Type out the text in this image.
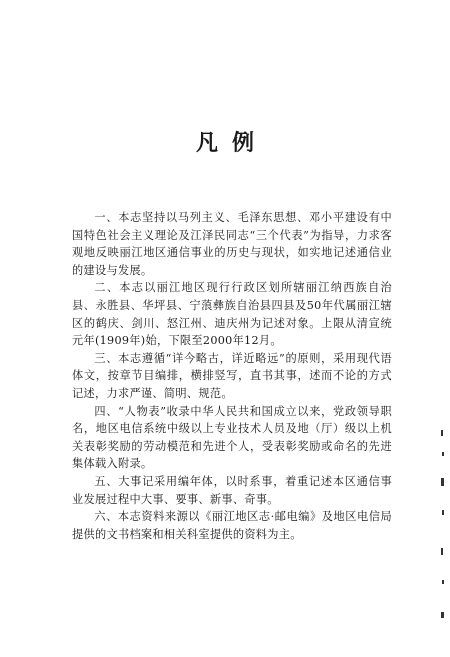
凡例

一、本志坚持以马列主义、毛泽东思想、邓小平建设有中国特色社会主义理论及江泽民同志“三个代表”为指导，力求客观地反映丽江地区通信事业的历史与现状，如实地记述通信业的建设与发展。

二、本志以丽江地区现行行政区划所辖丽江纳西族自治县、永胜县、华坪县、宁蒗彝族自治县四县及50年代属丽江辖区的鹤庆、剑川、怒江州、迪庆州为记述对象。上限从清宣统元年(1909年)始，下限至2000年12月。

三、本志遵循“详今略古，详近略远”的原则，采用现代语体文，按章节目编排，横排竖写，直书其事，述而不论的方式记述，力求严谨、简明、规范。

四、“人物表”收录中华人民共和国成立以来，党政领导职名，地区电信系统中级以上专业技术人员及地（厅）级以上机关表彰奖励的劳动模范和先进个人，受表彰奖励或命名的先进集体载入附录。

五、大事记采用编年体，以时系事，着重记述本区通信事业发展过程中大事、要事、新事、奇事。

六、本志资料来源以《丽江地区志·邮电编》及地区电信局提供的文书档案和相关科室提供的资料为主。
